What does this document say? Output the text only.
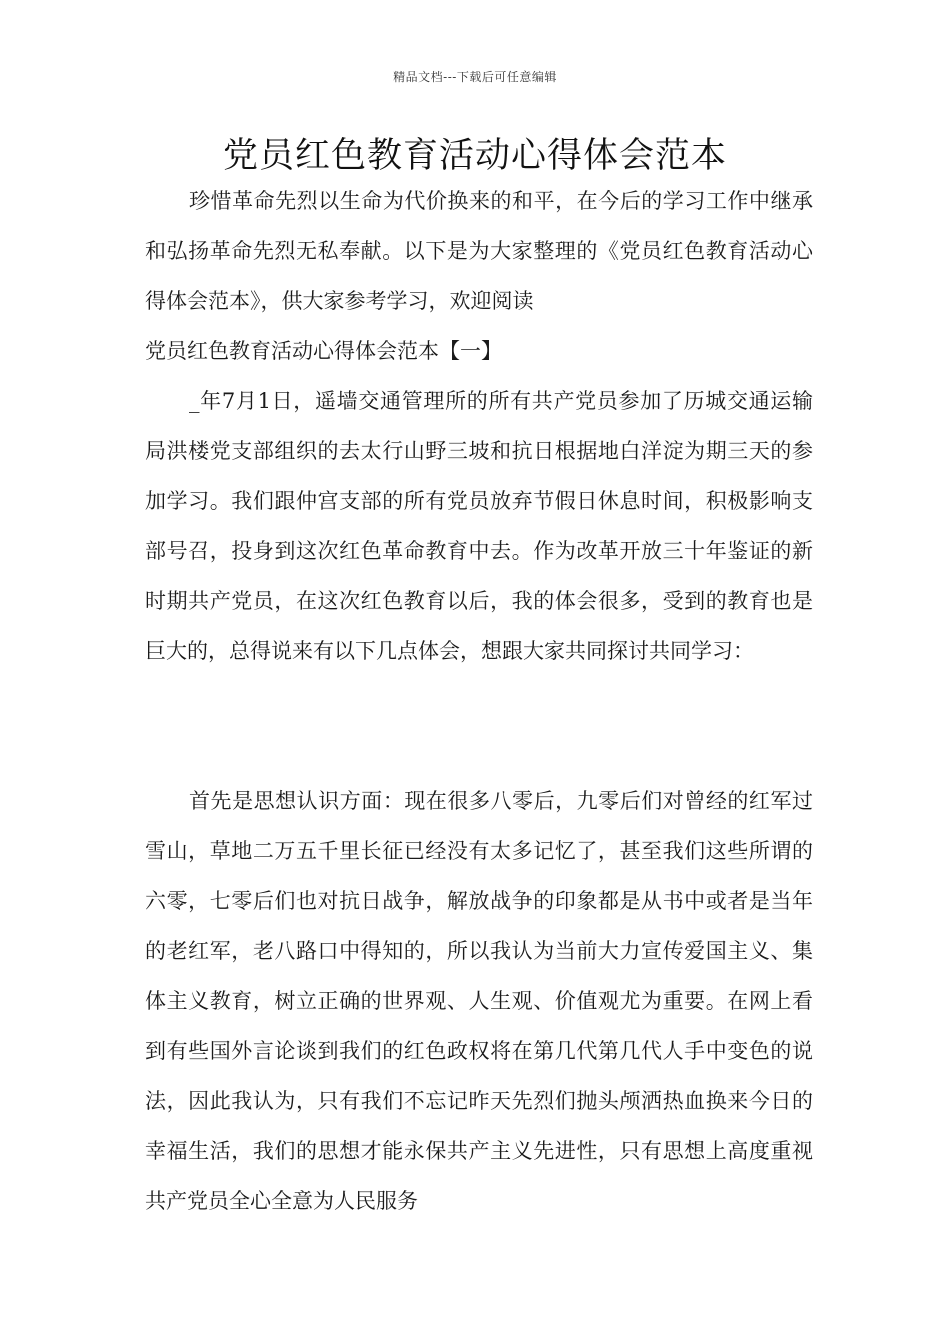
精品文档---下载后可任意编辑
党员红色教育活动心得体会范本

珍惜革命先烈以生命为代价换来的和平，在今后的学习工作中继承和弘扬革命先烈无私奉献。以下是为大家整理的《党员红色教育活动心得体会范本》，供大家参考学习，欢迎阅读

党员红色教育活动心得体会范本【一】

_年7月1日，遥墙交通管理所的所有共产党员参加了历城交通运输局洪楼党支部组织的去太行山野三坡和抗日根据地白洋淀为期三天的参加学习。我们跟仲宫支部的所有党员放弃节假日休息时间，积极影响支部号召，投身到这次红色革命教育中去。作为改革开放三十年鉴证的新时期共产党员，在这次红色教育以后，我的体会很多，受到的教育也是巨大的，总得说来有以下几点体会，想跟大家共同探讨共同学习：

首先是思想认识方面：现在很多八零后，九零后们对曾经的红军过雪山，草地二万五千里长征已经没有太多记忆了，甚至我们这些所谓的六零，七零后们也对抗日战争，解放战争的印象都是从书中或者是当年的老红军，老八路口中得知的，所以我认为当前大力宣传爱国主义、集体主义教育，树立正确的世界观、人生观、价值观尤为重要。在网上看到有些国外言论谈到我们的红色政权将在第几代第几代人手中变色的说法，因此我认为，只有我们不忘记昨天先烈们抛头颅洒热血换来今日的幸福生活，我们的思想才能永保共产主义先进性，只有思想上高度重视共产党员全心全意为人民服务
